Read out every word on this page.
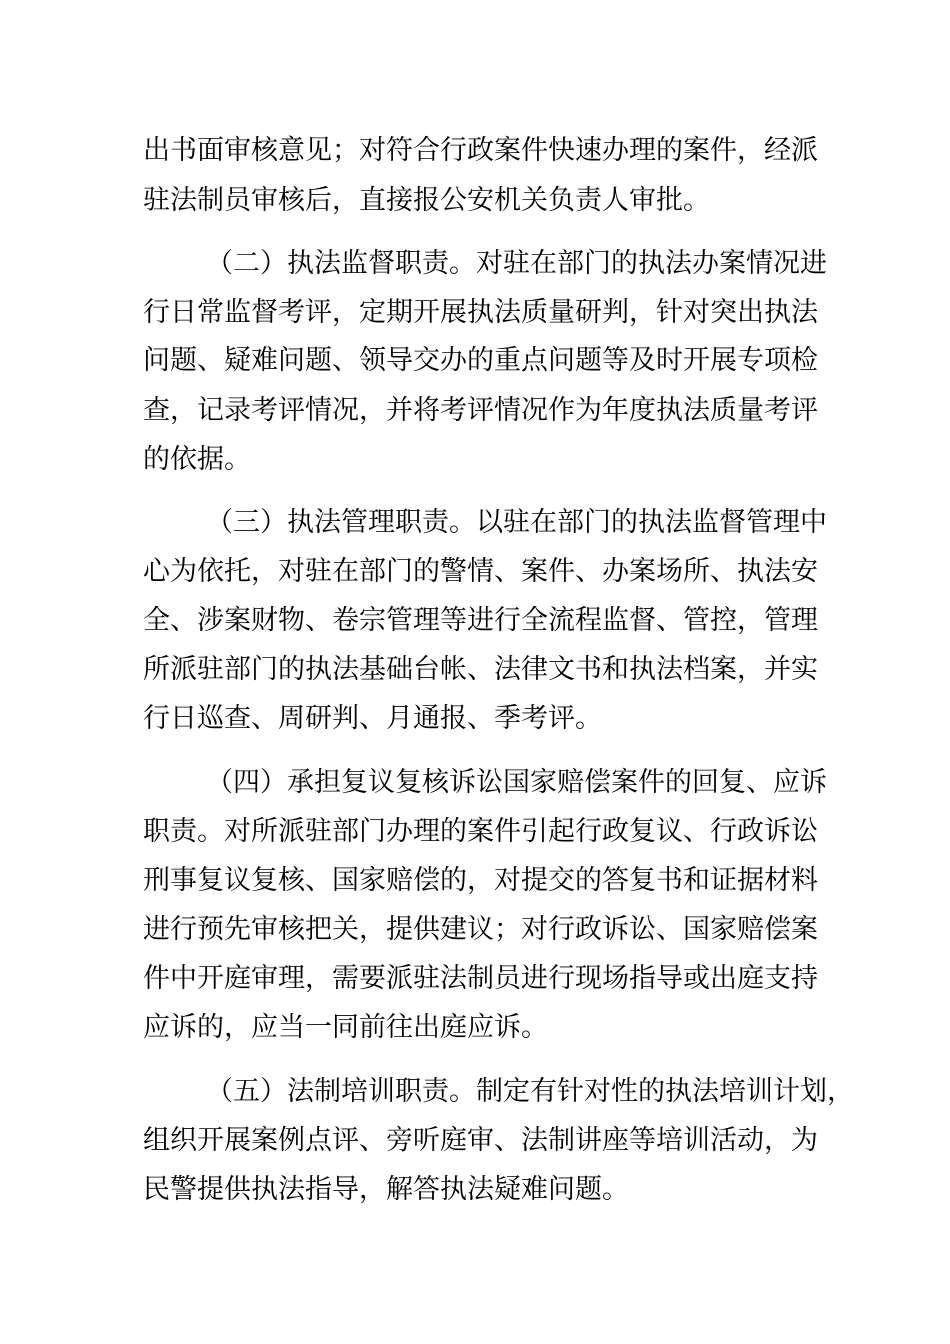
出书面审核意见；对符合行政案件快速办理的案件，经派
驻法制员审核后，直接报公安机关负责人审批。
（二）执法监督职责。对驻在部门的执法办案情况进
行日常监督考评，定期开展执法质量研判，针对突出执法
问题、疑难问题、领导交办的重点问题等及时开展专项检
查，记录考评情况，并将考评情况作为年度执法质量考评
的依据。
（三）执法管理职责。以驻在部门的执法监督管理中
心为依托，对驻在部门的警情、案件、办案场所、执法安
全、涉案财物、卷宗管理等进行全流程监督、管控，管理
所派驻部门的执法基础台帐、法律文书和执法档案，并实
行日巡查、周研判、月通报、季考评。
（四）承担复议复核诉讼国家赔偿案件的回复、应诉
职责。对所派驻部门办理的案件引起行政复议、行政诉讼
刑事复议复核、国家赔偿的，对提交的答复书和证据材料
进行预先审核把关，提供建议；对行政诉讼、国家赔偿案
件中开庭审理，需要派驻法制员进行现场指导或出庭支持
应诉的，应当一同前往出庭应诉。
（五）法制培训职责。制定有针对性的执法培训计划，
组织开展案例点评、旁听庭审、法制讲座等培训活动，为
民警提供执法指导，解答执法疑难问题。
